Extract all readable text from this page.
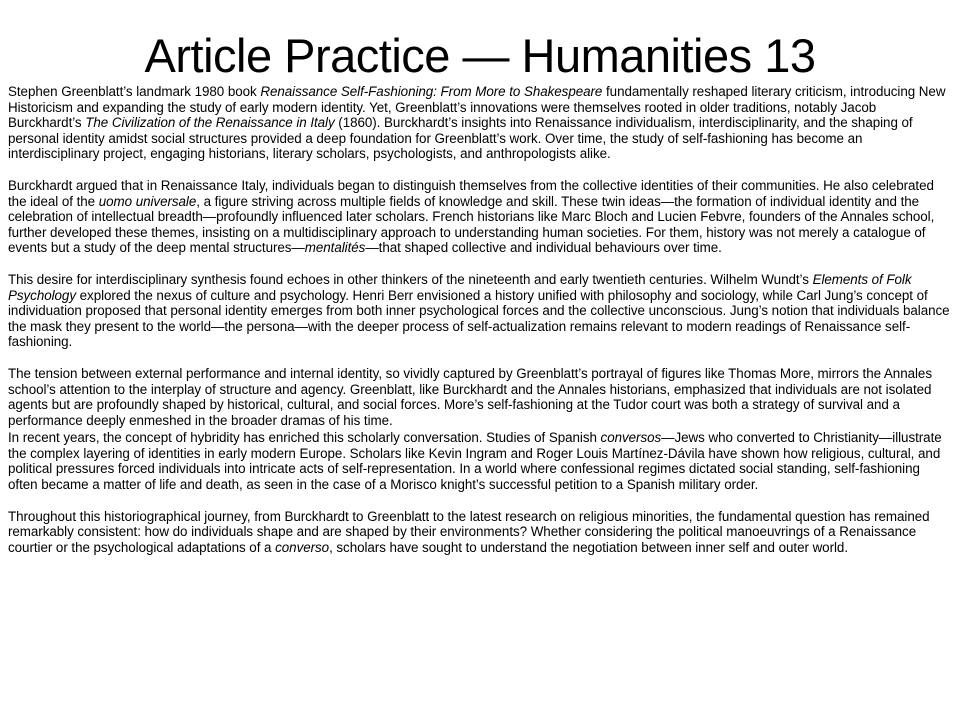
Article Practice — Humanities 13

Stephen Greenblatt’s landmark 1980 book Renaissance Self-Fashioning: From More to Shakespeare fundamentally reshaped literary criticism, introducing New Historicism and expanding the study of early modern identity. Yet, Greenblatt’s innovations were themselves rooted in older traditions, notably Jacob Burckhardt’s The Civilization of the Renaissance in Italy (1860). Burckhardt’s insights into Renaissance individualism, interdisciplinarity, and the shaping of personal identity amidst social structures provided a deep foundation for Greenblatt’s work. Over time, the study of self-fashioning has become an interdisciplinary project, engaging historians, literary scholars, psychologists, and anthropologists alike.

Burckhardt argued that in Renaissance Italy, individuals began to distinguish themselves from the collective identities of their communities. He also celebrated the ideal of the uomo universale, a figure striving across multiple fields of knowledge and skill. These twin ideas—the formation of individual identity and the celebration of intellectual breadth—profoundly influenced later scholars. French historians like Marc Bloch and Lucien Febvre, founders of the Annales school, further developed these themes, insisting on a multidisciplinary approach to understanding human societies. For them, history was not merely a catalogue of events but a study of the deep mental structures—mentalités—that shaped collective and individual behaviours over time.

This desire for interdisciplinary synthesis found echoes in other thinkers of the nineteenth and early twentieth centuries. Wilhelm Wundt’s Elements of Folk Psychology explored the nexus of culture and psychology. Henri Berr envisioned a history unified with philosophy and sociology, while Carl Jung’s concept of individuation proposed that personal identity emerges from both inner psychological forces and the collective unconscious. Jung’s notion that individuals balance the mask they present to the world—the persona—with the deeper process of self-actualization remains relevant to modern readings of Renaissance self-fashioning.

The tension between external performance and internal identity, so vividly captured by Greenblatt’s portrayal of figures like Thomas More, mirrors the Annales school’s attention to the interplay of structure and agency. Greenblatt, like Burckhardt and the Annales historians, emphasized that individuals are not isolated agents but are profoundly shaped by historical, cultural, and social forces. More’s self-fashioning at the Tudor court was both a strategy of survival and a performance deeply enmeshed in the broader dramas of his time.

In recent years, the concept of hybridity has enriched this scholarly conversation. Studies of Spanish conversos—Jews who converted to Christianity—illustrate the complex layering of identities in early modern Europe. Scholars like Kevin Ingram and Roger Louis Martínez-Dávila have shown how religious, cultural, and political pressures forced individuals into intricate acts of self-representation. In a world where confessional regimes dictated social standing, self-fashioning often became a matter of life and death, as seen in the case of a Morisco knight’s successful petition to a Spanish military order.

Throughout this historiographical journey, from Burckhardt to Greenblatt to the latest research on religious minorities, the fundamental question has remained remarkably consistent: how do individuals shape and are shaped by their environments? Whether considering the political manoeuvrings of a Renaissance courtier or the psychological adaptations of a converso, scholars have sought to understand the negotiation between inner self and outer world.
